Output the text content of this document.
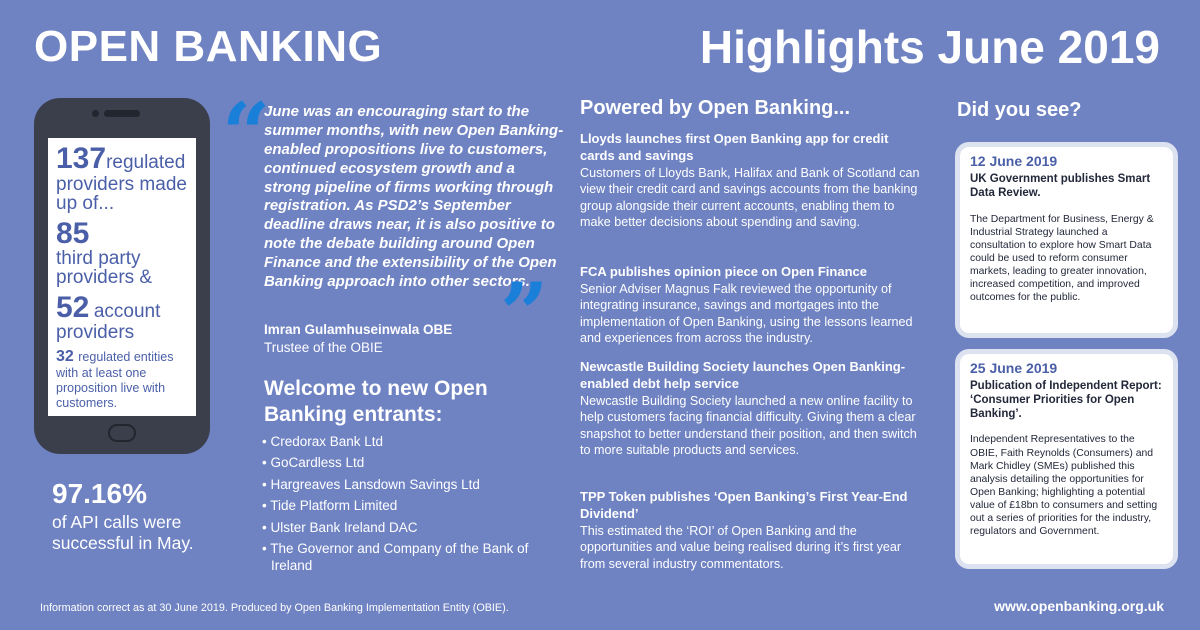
OPEN BANKING	Highlights June 2019
137regulated
providers made up of...
85
third party providers &
52 account
providers
32 regulated entities
with at least one proposition live with customers.
97.16%
of API calls were successful in May.
“
June was an encouraging start to the summer months, with new Open Banking-enabled propositions live to customers, continued ecosystem growth and a strong pipeline of firms working through registration. As PSD2’s September deadline draws near, it is also positive to note the debate building around Open Finance and the extensibility of the Open Banking approach into other sectors.
”
Imran Gulamhuseinwala OBE
Trustee of the OBIE
Welcome to new Open Banking entrants:
• Credorax Bank Ltd
• GoCardless Ltd
• Hargreaves Lansdown Savings Ltd
• Tide Platform Limited
• Ulster Bank Ireland DAC
• The Governor and Company of the Bank of Ireland
Powered by Open Banking...
Lloyds launches first Open Banking app for credit cards and savings
Customers of Lloyds Bank, Halifax and Bank of Scotland can view their credit card and savings accounts from the banking group alongside their current accounts, enabling them to make better decisions about spending and saving.
FCA publishes opinion piece on Open Finance
Senior Adviser Magnus Falk reviewed the opportunity of integrating insurance, savings and mortgages into the implementation of Open Banking, using the lessons learned and experiences from across the industry.
Newcastle Building Society launches Open Banking-enabled debt help service
Newcastle Building Society launched a new online facility to help customers facing financial difficulty. Giving them a clear snapshot to better understand their position, and then switch to more suitable products and services.
TPP Token publishes ‘Open Banking’s First Year-End Dividend’
This estimated the ‘ROI’ of Open Banking and the opportunities and value being realised during it’s first year from several industry commentators.
Did you see?
12 June 2019
UK Government publishes Smart Data Review.
The Department for Business, Energy & Industrial Strategy launched a consultation to explore how Smart Data could be used to reform consumer markets, leading to greater innovation, increased competition, and improved outcomes for the public.
25 June 2019
Publication of Independent Report: ‘Consumer Priorities for Open Banking’.
Independent Representatives to the OBIE, Faith Reynolds (Consumers) and Mark Chidley (SMEs) published this analysis detailing the opportunities for Open Banking; highlighting a potential value of £18bn to consumers and setting out a series of priorities for the industry, regulators and Government.
Information correct as at 30 June 2019. Produced by Open Banking Implementation Entity (OBIE).	www.openbanking.org.uk
